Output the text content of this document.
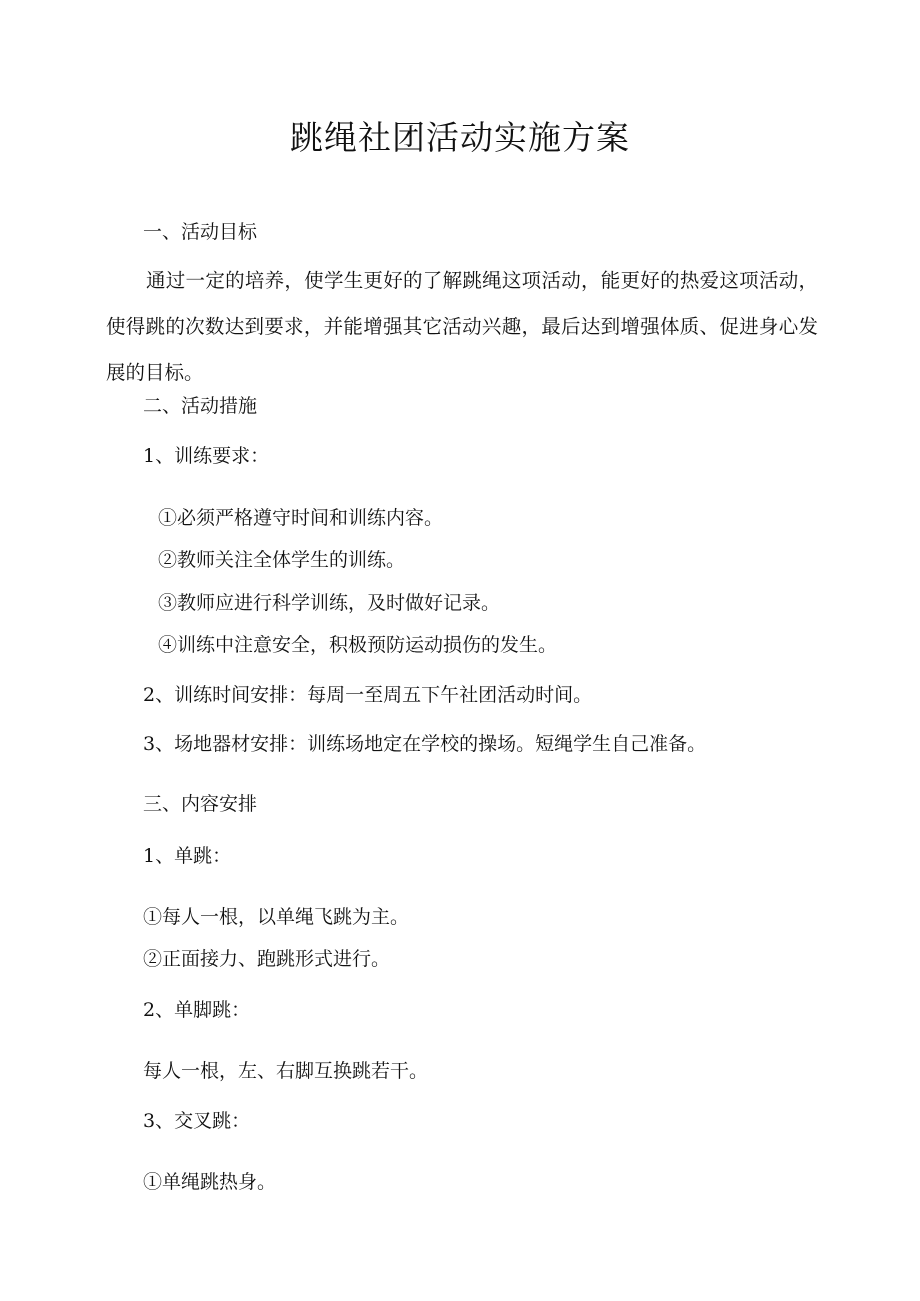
跳绳社团活动实施方案
一、活动目标
通过一定的培养，使学生更好的了解跳绳这项活动，能更好的热爱这项活动，使得跳的次数达到要求，并能增强其它活动兴趣，最后达到增强体质、促进身心发展的目标。
二、活动措施
1、训练要求：
①必须严格遵守时间和训练内容。
②教师关注全体学生的训练。
③教师应进行科学训练，及时做好记录。
④训练中注意安全，积极预防运动损伤的发生。
2、训练时间安排：每周一至周五下午社团活动时间。
3、场地器材安排：训练场地定在学校的操场。短绳学生自己准备。
三、内容安排
1、单跳：
①每人一根，以单绳飞跳为主。
②正面接力、跑跳形式进行。
2、单脚跳：
每人一根，左、右脚互换跳若干。
3、交叉跳：
①单绳跳热身。
